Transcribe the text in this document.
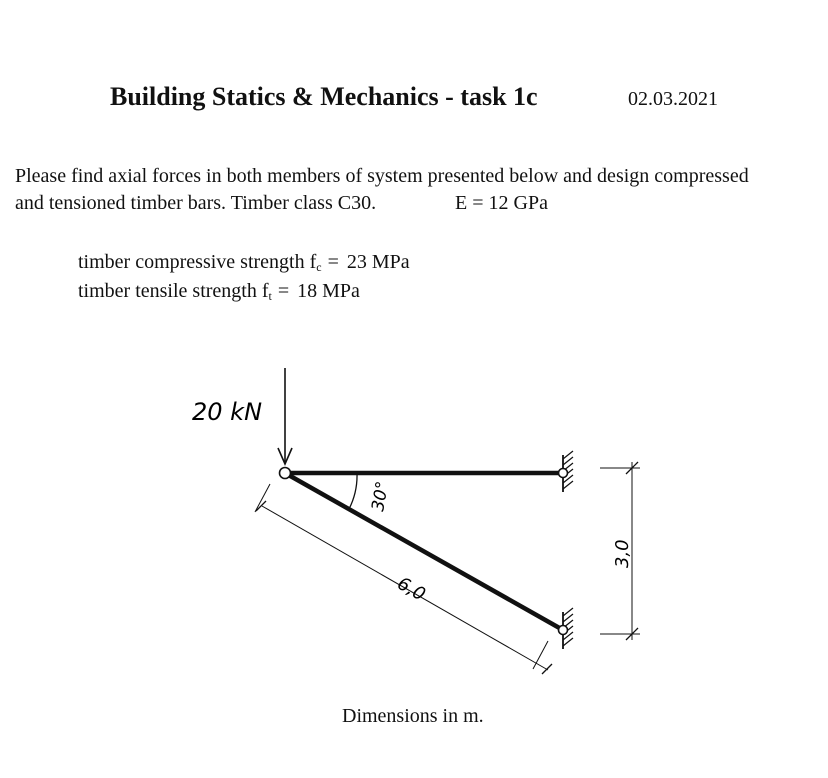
Building Statics & Mechanics - task 1c	02.03.2021
Please find axial forces in both members of system presented below and design compressed
and tensioned timber bars. Timber class C30.	E = 12 GPa
timber compressive strength $f_c = 23$ MPa
timber tensile strength $f_t = 18$ MPa
20 kN
30°
6,0
3,0
Dimensions in m.
